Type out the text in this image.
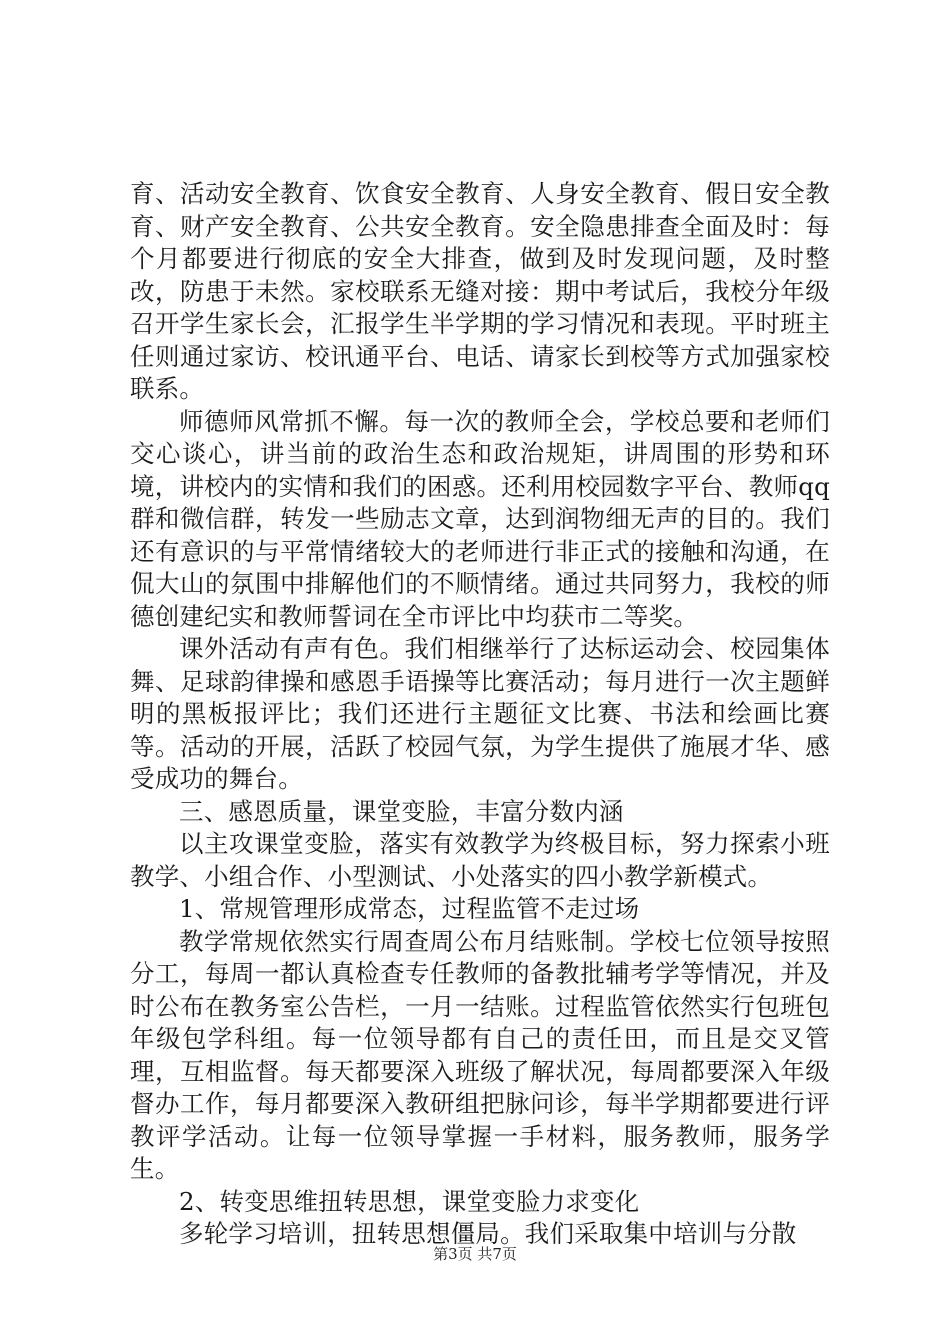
育、活动安全教育、饮食安全教育、人身安全教育、假日安全教育、财产安全教育、公共安全教育。安全隐患排查全面及时：每个月都要进行彻底的安全大排查，做到及时发现问题，及时整改，防患于未然。家校联系无缝对接：期中考试后，我校分年级召开学生家长会，汇报学生半学期的学习情况和表现。平时班主任则通过家访、校讯通平台、电话、请家长到校等方式加强家校联系。

师德师风常抓不懈。每一次的教师全会，学校总要和老师们交心谈心，讲当前的政治生态和政治规矩，讲周围的形势和环境，讲校内的实情和我们的困惑。还利用校园数字平台、教师qq群和微信群，转发一些励志文章，达到润物细无声的目的。我们还有意识的与平常情绪较大的老师进行非正式的接触和沟通，在侃大山的氛围中排解他们的不顺情绪。通过共同努力，我校的师德创建纪实和教师誓词在全市评比中均获市二等奖。

课外活动有声有色。我们相继举行了达标运动会、校园集体舞、足球韵律操和感恩手语操等比赛活动；每月进行一次主题鲜明的黑板报评比；我们还进行主题征文比赛、书法和绘画比赛等。活动的开展，活跃了校园气氛，为学生提供了施展才华、感受成功的舞台。

三、感恩质量，课堂变脸，丰富分数内涵

以主攻课堂变脸，落实有效教学为终极目标，努力探索小班教学、小组合作、小型测试、小处落实的四小教学新模式。

1、常规管理形成常态，过程监管不走过场

教学常规依然实行周查周公布月结账制。学校七位领导按照分工，每周一都认真检查专任教师的备教批辅考学等情况，并及时公布在教务室公告栏，一月一结账。过程监管依然实行包班包年级包学科组。每一位领导都有自己的责任田，而且是交叉管理，互相监督。每天都要深入班级了解状况，每周都要深入年级督办工作，每月都要深入教研组把脉问诊，每半学期都要进行评教评学活动。让每一位领导掌握一手材料，服务教师，服务学生。

2、转变思维扭转思想，课堂变脸力求变化

多轮学习培训，扭转思想僵局。我们采取集中培训与分散

第3页 共7页
